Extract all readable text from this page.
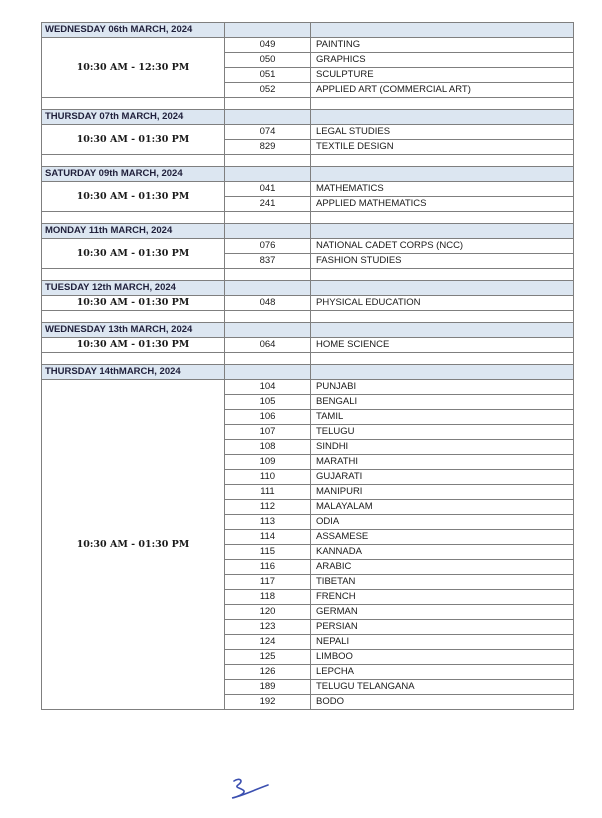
WEDNESDAY 06th MARCH, 2024		
10:30 AM - 12:30 PM	049	PAINTING
	050	GRAPHICS
	051	SCULPTURE
	052	APPLIED ART (COMMERCIAL ART)

THURSDAY 07th MARCH, 2024		
10:30 AM - 01:30 PM	074	LEGAL STUDIES
	829	TEXTILE DESIGN

SATURDAY 09th MARCH, 2024		
10:30 AM - 01:30 PM	041	MATHEMATICS
	241	APPLIED MATHEMATICS

MONDAY 11th MARCH, 2024		
10:30 AM - 01:30 PM	076	NATIONAL CADET CORPS (NCC)
	837	FASHION STUDIES

TUESDAY 12th MARCH, 2024		
10:30 AM - 01:30 PM	048	PHYSICAL EDUCATION

WEDNESDAY 13th MARCH, 2024		
10:30 AM - 01:30 PM	064	HOME SCIENCE

THURSDAY 14thMARCH, 2024		
10:30 AM - 01:30 PM	104	PUNJABI
	105	BENGALI
	106	TAMIL
	107	TELUGU
	108	SINDHI
	109	MARATHI
	110	GUJARATI
	111	MANIPURI
	112	MALAYALAM
	113	ODIA
	114	ASSAMESE
	115	KANNADA
	116	ARABIC
	117	TIBETAN
	118	FRENCH
	120	GERMAN
	123	PERSIAN
	124	NEPALI
	125	LIMBOO
	126	LEPCHA
	189	TELUGU TELANGANA
	192	BODO
